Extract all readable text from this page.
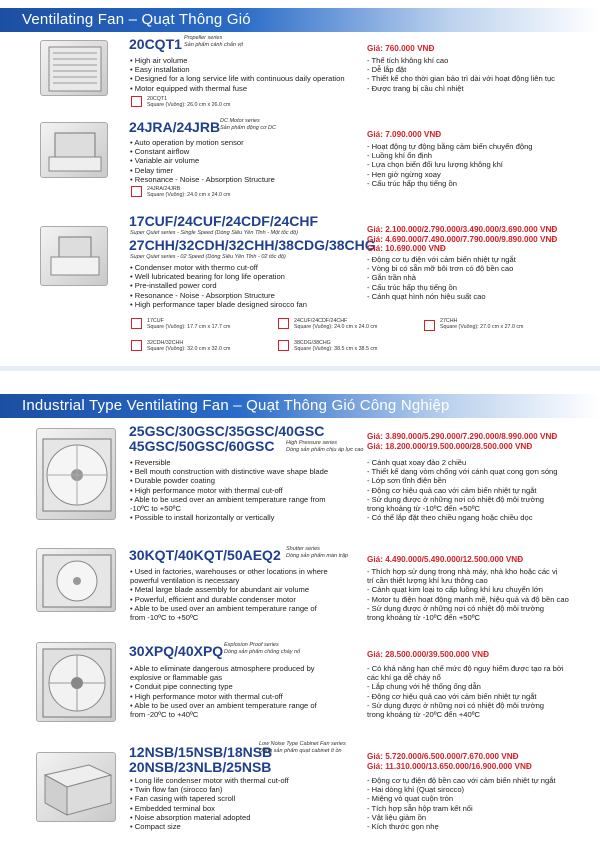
Ventilating Fan – Quạt Thông Gió
20CQT1 Propeller series
Sản phẩm cánh chắn vịt
• High air volume
• Easy installation
• Designed for a long service life with continuous daily operation
• Motor equipped with thermal fuse
20CQT1
Square (Vuông): 26.0 cm x 26.0 cm
Giá: 760.000 VNĐ
- Thể tích không khí cao
- Dễ lắp đặt
- Thiết kế cho thời gian bảo trì dài với hoạt động liên tục
- Được trang bị cầu chì nhiệt
24JRA/24JRB DC Motor series
Sản phẩm động cơ DC
• Auto operation by motion sensor
• Constant airflow
• Variable air volume
• Delay timer
• Resonance - Noise - Absorption Structure
24JRA/24JRB
Square (Vuông): 24.0 cm x 24.0 cm
Giá: 7.090.000 VNĐ
- Hoạt động tự động bằng cảm biến chuyển động
- Luồng khí ổn định
- Lựa chọn biến đổi lưu lượng không khí
- Hẹn giờ ngừng xoay
- Cấu trúc hấp thụ tiếng ồn
17CUF/24CUF/24CDF/24CHF
Super Quiet series - Single Speed (Dòng Siêu Yên Tĩnh - Một tốc độ)
27CHH/32CDH/32CHH/38CDG/38CHG
Super Quiet series - 02 Speed (Dòng Siêu Yên Tĩnh - 02 tốc độ)
• Condenser motor with thermo cut-off
• Well lubricated bearing for long life operation
• Pre-installed power cord
• Resonance - Noise - Absorption Structure
• High performance taper blade designed sirocco fan
17CUF
Square (Vuông): 17.7 cm x 17.7 cm
24CUF/24CDF/24CHF
Square (Vuông): 24.0 cm x 24.0 cm
27CHH
Square (Vuông): 27.0 cm x 27.0 cm
32CDH/32CHH
Square (Vuông): 32.0 cm x 32.0 cm
38CDG/38CHG
Square (Vuông): 38.5 cm x 38.5 cm
Giá: 2.100.000/2.790.000/3.490.000/3.690.000 VNĐ
Giá: 4.690.000/7.490.000/7.790.000/9.890.000 VNĐ
Giá: 10.690.000 VNĐ
- Động cơ tụ điện với cảm biến nhiệt tự ngắt
- Vòng bi có sẵn mỡ bôi trơn có độ bền cao
- Gắn trần nhà
- Cấu trúc hấp thụ tiếng ồn
- Cánh quạt hình nón hiệu suất cao
Industrial Type Ventilating Fan – Quạt Thông Gió Công Nghiệp
25GSC/30GSC/35GSC/40GSC
45GSC/50GSC/60GSC	High Pressure series
Dòng sản phẩm chịu áp lực cao
• Reversible
• Bell mouth construction with distinctive wave shape blade
• Durable powder coating
• High performance motor with thermal cut-off
• Able to be used over an ambient temperature range from
-10ºC to +50ºC
• Possible to install horizontally or vertically
Giá: 3.890.000/5.290.000/7.290.000/8.990.000 VNĐ
Giá: 18.200.000/19.500.000/28.500.000 VNĐ
- Cánh quạt xoay đảo 2 chiều
- Thiết kế dạng vòm chống với cánh quạt cong gợn sóng
- Lớp sơn tĩnh điện bền
- Động cơ hiệu quả cao với cảm biến nhiệt tự ngắt
- Sử dụng được ở những nơi có nhiệt độ môi trường
trong khoảng từ -10ºC đến +50ºC
- Có thể lắp đặt theo chiều ngang hoặc chiều dọc
30KQT/40KQT/50AEQ2 Shutter series
Dòng sản phẩm màn trập
• Used in factories, warehouses or other locations in where
powerful ventilation is necessary
• Metal large blade assembly for abundant air volume
• Powerful, efficient and durable condenser motor
• Able to be used over an ambient temperature range of
from -10ºC to +50ºC
Giá: 4.490.000/5.490.000/12.500.000 VNĐ
- Thích hợp sử dụng trong nhà máy, nhà kho hoặc các vị
trí cần thiết lượng khí lưu thông cao
- Cánh quạt kim loại to cấp luồng khí lưu chuyển lớn
- Motor tụ điện hoạt động mạnh mẽ, hiệu quả và độ bền cao
- Sử dụng được ở những nơi có nhiệt độ môi trường
trong khoảng từ -10ºC đến +50ºC
30XPQ/40XPQ Explosion Proof series
Dòng sản phẩm chống cháy nổ
• Able to eliminate dangerous atmosphere produced by
explosive or flammable gas
• Conduit pipe connecting type
• High performance motor with thermal cut-off
• Able to be used over an ambient temperature range of
from -20ºC to +40ºC
Giá: 28.500.000/39.500.000 VNĐ
- Có khả năng hạn chế mức độ nguy hiểm được tạo ra bởi
các khí ga dễ cháy nổ
- Lắp chung với hệ thống ống dẫn
- Động cơ hiệu quả cao với cảm biến nhiệt tự ngắt
- Sử dụng được ở những nơi có nhiệt độ môi trường
trong khoảng từ -20ºC đến +40ºC
12NSB/15NSB/18NSB
20NSB/23NLB/25NSB
Low Noise Type Cabinet Fan series
Dòng sản phẩm quạt cabinet ít ồn
• Long life condenser motor with thermal cut-off
• Twin flow fan (sirocco fan)
• Fan casing with tapered scroll
• Embedded terminal box
• Noise absorption material adopted
• Compact size
Giá: 5.720.000/6.500.000/7.670.000 VNĐ
Giá: 11.310.000/13.650.000/16.900.000 VNĐ
- Động cơ tụ điện độ bền cao với cảm biến nhiệt tự ngắt
- Hai dòng khí (Quạt sirocco)
- Miệng vỏ quạt cuộn tròn
- Tích hợp sẵn hộp tram kết nối
- Vật liệu giảm ồn
- Kích thước gọn nhẹ
